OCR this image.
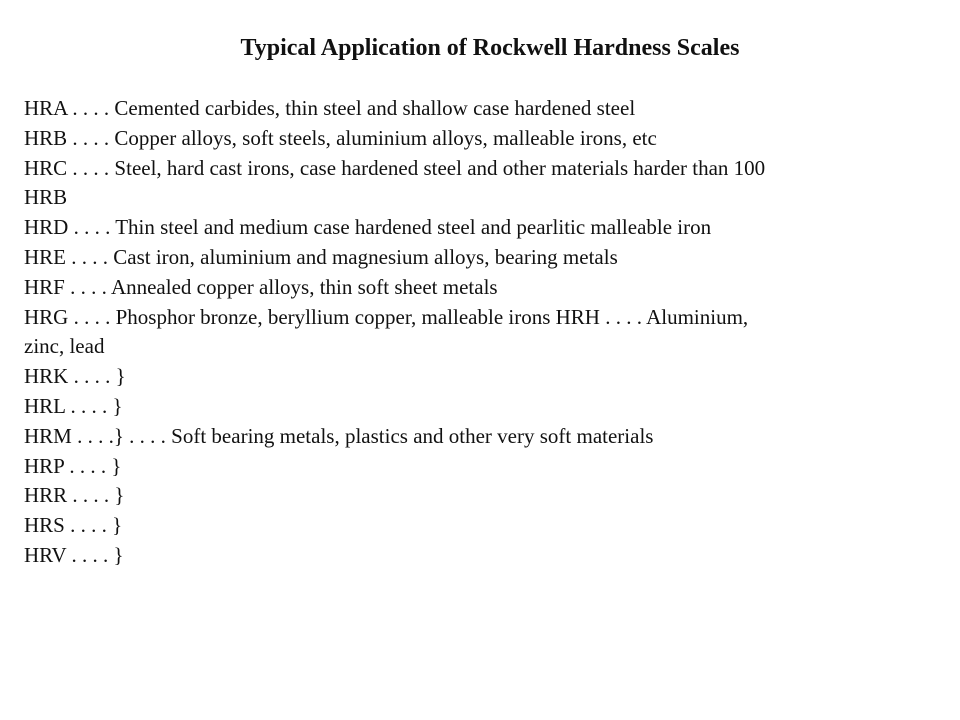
Typical Application of Rockwell Hardness Scales
HRA . . . . Cemented carbides, thin steel and shallow case hardened steel
HRB . . . . Copper alloys, soft steels, aluminium alloys, malleable irons, etc
HRC . . . . Steel, hard cast irons, case hardened steel and other materials harder than 100
HRB
HRD . . . . Thin steel and medium case hardened steel and pearlitic malleable iron
HRE . . . . Cast iron, aluminium and magnesium alloys, bearing metals
HRF . . . . Annealed copper alloys, thin soft sheet metals
HRG . . . . Phosphor bronze, beryllium copper, malleable irons HRH . . . . Aluminium,
zinc, lead
HRK . . . . }
HRL . . . . }
HRM . . . .} . . . . Soft bearing metals, plastics and other very soft materials
HRP . . . . }
HRR . . . . }
HRS . . . . }
HRV . . . . }
